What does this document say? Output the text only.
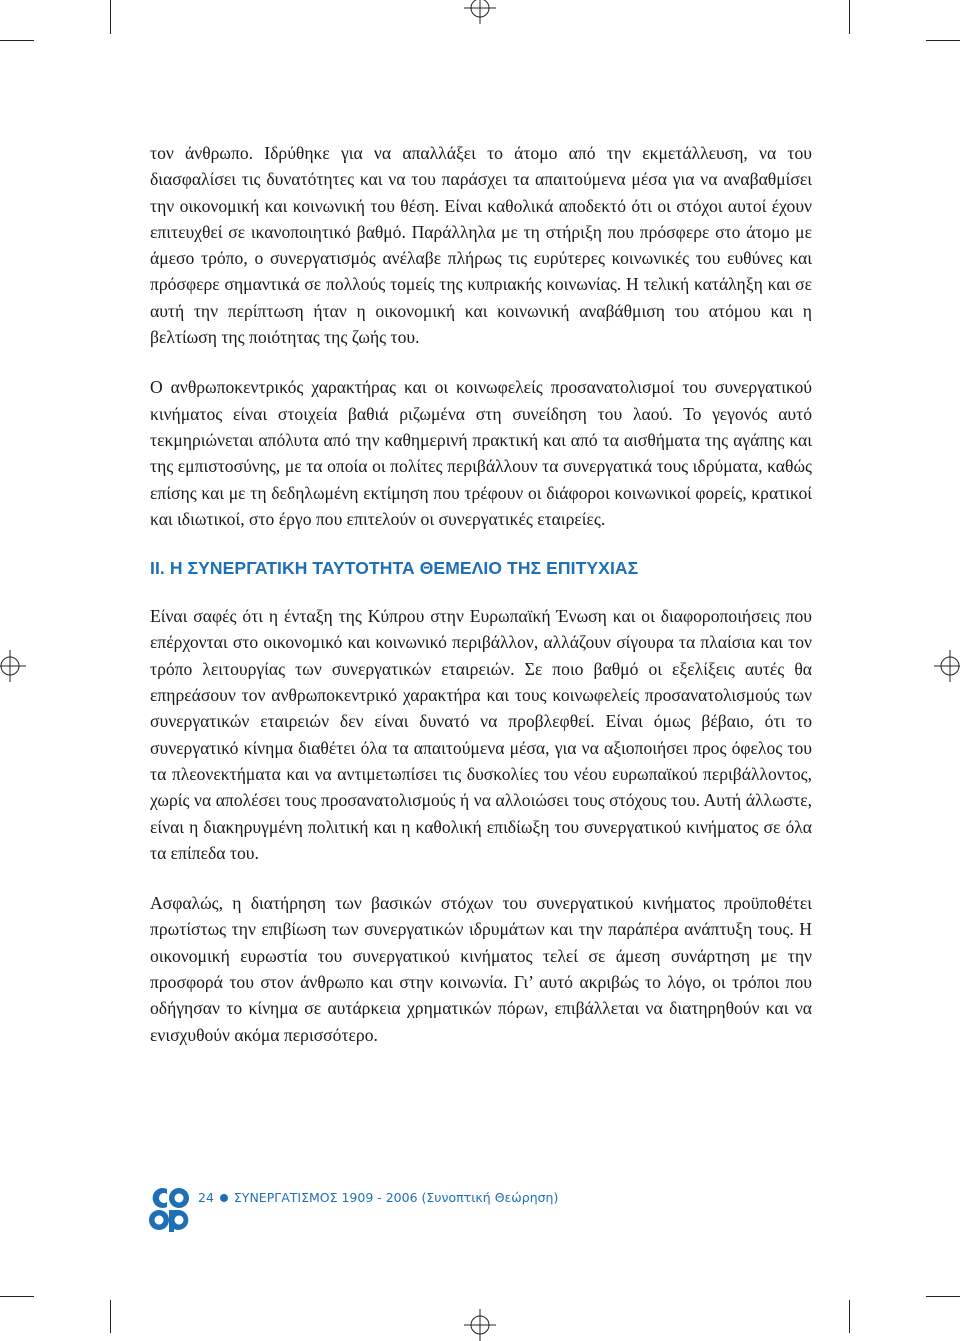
τον άνθρωπο. Ιδρύθηκε για να απαλλάξει το άτομο από την εκμετάλλευση, να του διασφαλίσει τις δυνατότητες και να του παράσχει τα απαιτούμενα μέσα για να αναβαθμίσει την οικονομική και κοινωνική του θέση. Είναι καθολικά αποδεκτό ότι οι στόχοι αυτοί έχουν επιτευχθεί σε ικανοποιητικό βαθμό. Παράλληλα με τη στήριξη που πρόσφερε στο άτομο με άμεσο τρόπο, ο συνεργατισμός ανέλαβε πλήρως τις ευρύτερες κοινωνικές του ευθύνες και πρόσφερε σημαντικά σε πολλούς τομείς της κυπριακής κοινωνίας. Η τελική κατάληξη και σε αυτή την περίπτωση ήταν η οικονομική και κοινωνική αναβάθμιση του ατόμου και η βελτίωση της ποιότητας της ζωής του.

Ο ανθρωποκεντρικός χαρακτήρας και οι κοινωφελείς προσανατολισμοί του συνεργατικού κινήματος είναι στοιχεία βαθιά ριζωμένα στη συνείδηση του λαού. Το γεγονός αυτό τεκμηριώνεται απόλυτα από την καθημερινή πρακτική και από τα αισθήματα της αγάπης και της εμπιστοσύνης, με τα οποία οι πολίτες περιβάλλουν τα συνεργατικά τους ιδρύματα, καθώς επίσης και με τη δεδηλωμένη εκτίμηση που τρέφουν οι διάφοροι κοινωνικοί φορείς, κρατικοί και ιδιωτικοί, στο έργο που επιτελούν οι συνεργατικές εταιρείες.

ΙΙ. Η ΣΥΝΕΡΓΑΤΙΚΗ ΤΑΥΤΟΤΗΤΑ ΘΕΜΕΛΙΟ ΤΗΣ ΕΠΙΤΥΧΙΑΣ

Είναι σαφές ότι η ένταξη της Κύπρου στην Ευρωπαϊκή Ένωση και οι διαφοροποιήσεις που επέρχονται στο οικονομικό και κοινωνικό περιβάλλον, αλλάζουν σίγουρα τα πλαίσια και τον τρόπο λειτουργίας των συνεργατικών εταιρειών. Σε ποιο βαθμό οι εξελίξεις αυτές θα επηρεάσουν τον ανθρωποκεντρικό χαρακτήρα και τους κοινωφελείς προσανατολισμούς των συνεργατικών εταιρειών δεν είναι δυνατό να προβλεφθεί. Είναι όμως βέβαιο, ότι το συνεργατικό κίνημα διαθέτει όλα τα απαιτούμενα μέσα, για να αξιοποιήσει προς όφελος του τα πλεονεκτήματα και να αντιμετωπίσει τις δυσκολίες του νέου ευρωπαϊκού περιβάλλοντος, χωρίς να απολέσει τους προσανατολισμούς ή να αλλοιώσει τους στόχους του. Αυτή άλλωστε, είναι η διακηρυγμένη πολιτική και η καθολική επιδίωξη του συνεργατικού κινήματος σε όλα τα επίπεδα του.

Ασφαλώς, η διατήρηση των βασικών στόχων του συνεργατικού κινήματος προϋποθέτει πρωτίστως την επιβίωση των συνεργατικών ιδρυμάτων και την παράπέρα ανάπτυξη τους. Η οικονομική ευρωστία του συνεργατικού κινήματος τελεί σε άμεση συνάρτηση με την προσφορά του στον άνθρωπο και στην κοινωνία. Γι’ αυτό ακριβώς το λόγο, οι τρόποι που οδήγησαν το κίνημα σε αυτάρκεια χρηματικών πόρων, επιβάλλεται να διατηρηθούν και να ενισχυθούν ακόμα περισσότερο.

24 ΣΥΝΕΡΓΑΤΙΣΜΟΣ 1909 - 2006 (Συνοπτική Θεώρηση)
